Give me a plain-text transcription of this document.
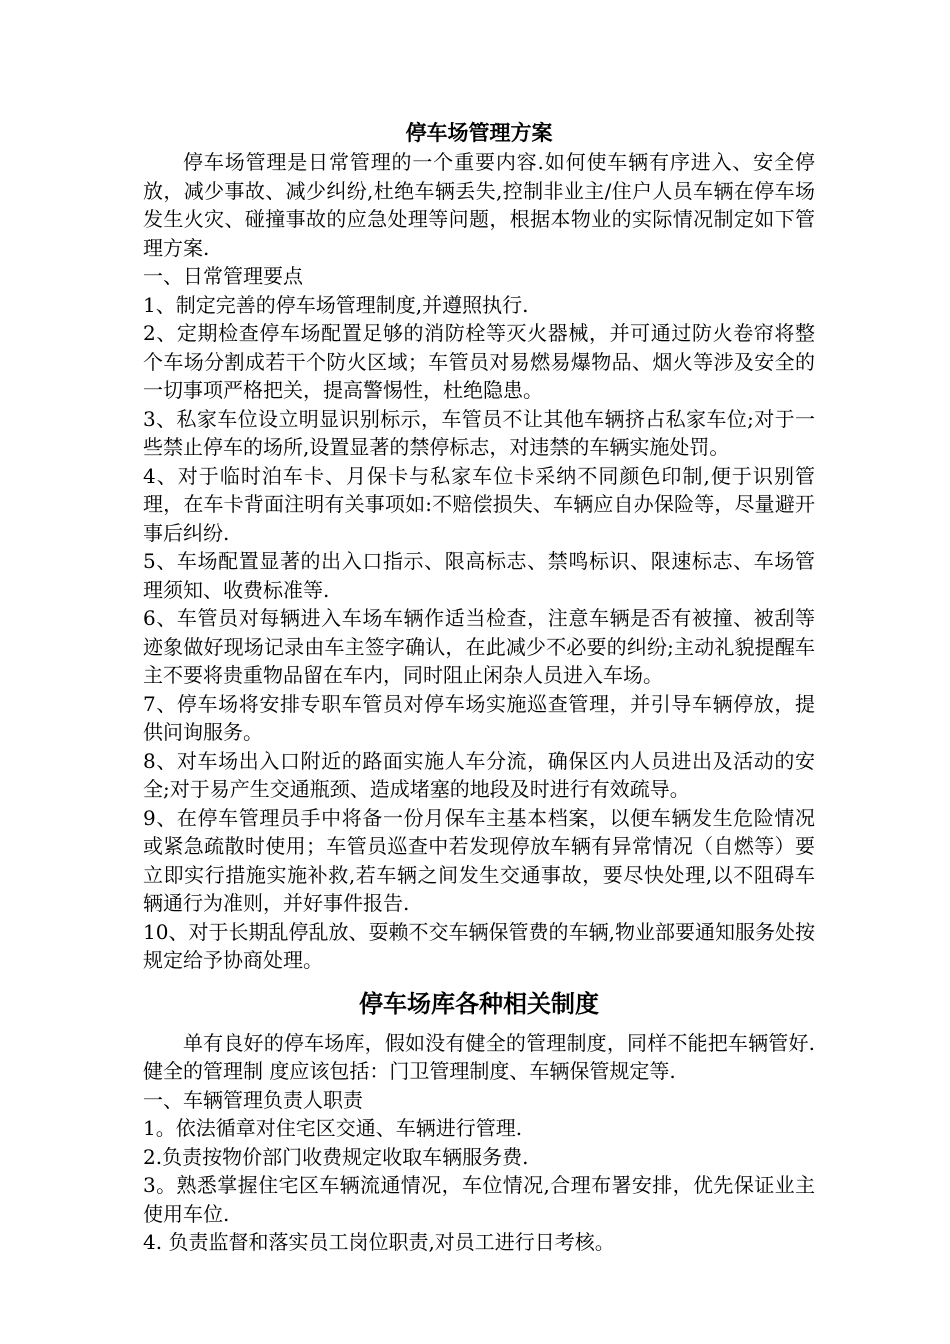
停车场管理方案

停车场管理是日常管理的一个重要内容.如何使车辆有序进入、安全停放，减少事故、减少纠纷,杜绝车辆丢失,控制非业主/住户人员车辆在停车场发生火灾、碰撞事故的应急处理等问题，根据本物业的实际情况制定如下管理方案.

一、日常管理要点

1、制定完善的停车场管理制度,并遵照执行.

2、定期检查停车场配置足够的消防栓等灭火器械，并可通过防火卷帘将整个车场分割成若干个防火区域；车管员对易燃易爆物品、烟火等涉及安全的一切事项严格把关，提高警惕性，杜绝隐患。

3、私家车位设立明显识别标示，车管员不让其他车辆挤占私家车位;对于一些禁止停车的场所,设置显著的禁停标志，对违禁的车辆实施处罚。

4、对于临时泊车卡、月保卡与私家车位卡采纳不同颜色印制,便于识别管理，在车卡背面注明有关事项如:不赔偿损失、车辆应自办保险等，尽量避开事后纠纷.

5、车场配置显著的出入口指示、限高标志、禁鸣标识、限速标志、车场管理须知、收费标准等.

6、车管员对每辆进入车场车辆作适当检查，注意车辆是否有被撞、被刮等迹象做好现场记录由车主签字确认，在此减少不必要的纠纷;主动礼貌提醒车主不要将贵重物品留在车内，同时阻止闲杂人员进入车场。

7、停车场将安排专职车管员对停车场实施巡查管理，并引导车辆停放，提供问询服务。

8、对车场出入口附近的路面实施人车分流，确保区内人员进出及活动的安全;对于易产生交通瓶颈、造成堵塞的地段及时进行有效疏导。

9、在停车管理员手中将备一份月保车主基本档案，以便车辆发生危险情况或紧急疏散时使用；车管员巡查中若发现停放车辆有异常情况（自燃等）要立即实行措施实施补救,若车辆之间发生交通事故，要尽快处理,以不阻碍车辆通行为准则，并好事件报告.

10、对于长期乱停乱放、耍赖不交车辆保管费的车辆,物业部要通知服务处按规定给予协商处理。

停车场库各种相关制度

单有良好的停车场库，假如没有健全的管理制度，同样不能把车辆管好.健全的管理制 度应该包括：门卫管理制度、车辆保管规定等.

一、车辆管理负责人职责

1。依法循章对住宅区交通、车辆进行管理.

2.负责按物价部门收费规定收取车辆服务费.

3。熟悉掌握住宅区车辆流通情况，车位情况,合理布署安排，优先保证业主使用车位.

4. 负责监督和落实员工岗位职责,对员工进行日考核。
